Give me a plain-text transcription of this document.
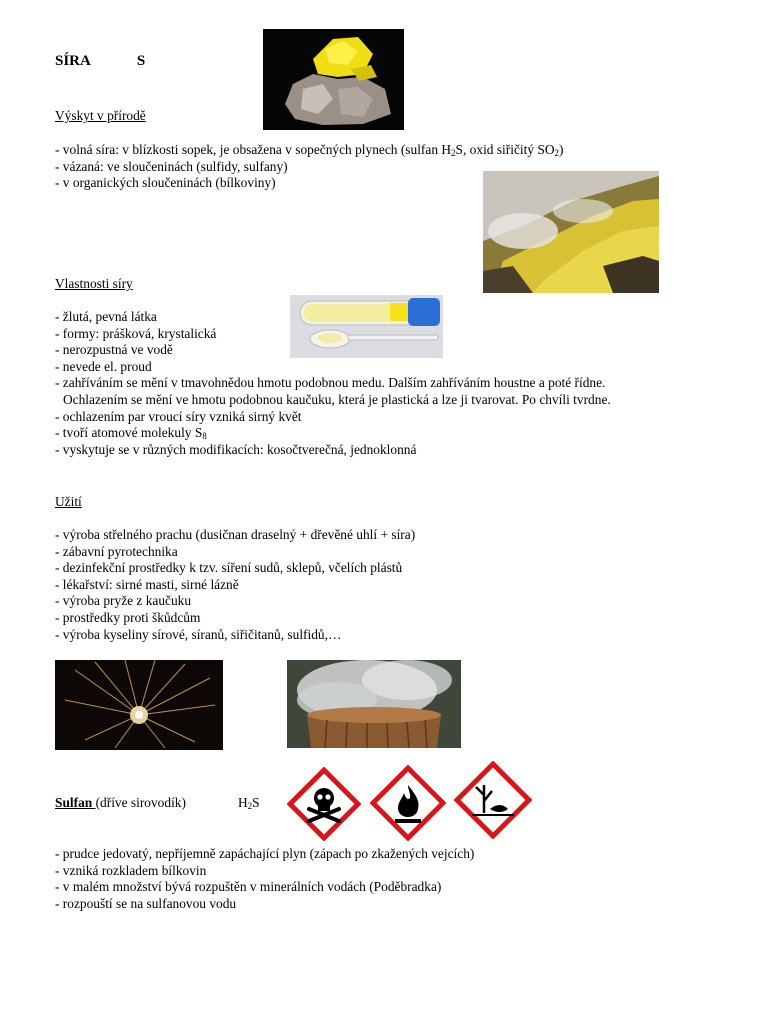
SÍRA	S
Výskyt v přírodě
- volná síra: v blízkosti sopek, je obsažena v sopečných plynech (sulfan $H_2S$, oxid siřičitý $SO_2$)
- vázaná: ve sloučeninách (sulfidy, sulfany)
- v organických sloučeninách (bílkoviny)
Vlastnosti síry
- žlutá, pevná látka
- formy: prášková, krystalická
- nerozpustná ve vodě
- nevede el. proud
- zahříváním se mění v tmavohnědou hmotu podobnou medu. Dalším zahříváním houstne a poté řídne.
Ochlazením se mění ve hmotu podobnou kaučuku, která je plastická a lze ji tvarovat. Po chvíli tvrdne.
- ochlazením par vroucí síry vzniká sirný květ
- tvoří atomové molekuly $S_8$
- vyskytuje se v různých modifikacích: kosočtverečná, jednoklonná
Užití
- výroba střelného prachu (dusičnan draselný + dřevěné uhlí + síra)
- zábavní pyrotechnika
- dezinfekční prostředky k tzv. síření sudů, sklepů, včelích plástů
- lékařství: sirné masti, sirné lázně
- výroba pryže z kaučuku
- prostředky proti škůdcům
- výroba kyseliny sírové, síranů, siřičitanů, sulfidů,…
Sulfan (dříve sirovodík)	$H_2S$
- prudce jedovatý, nepříjemně zapáchající plyn (zápach po zkažených vejcích)
- vzniká rozkladem bílkovin
- v malém množství bývá rozpuštěn v minerálních vodách (Poděbradka)
- rozpouští se na sulfanovou vodu
